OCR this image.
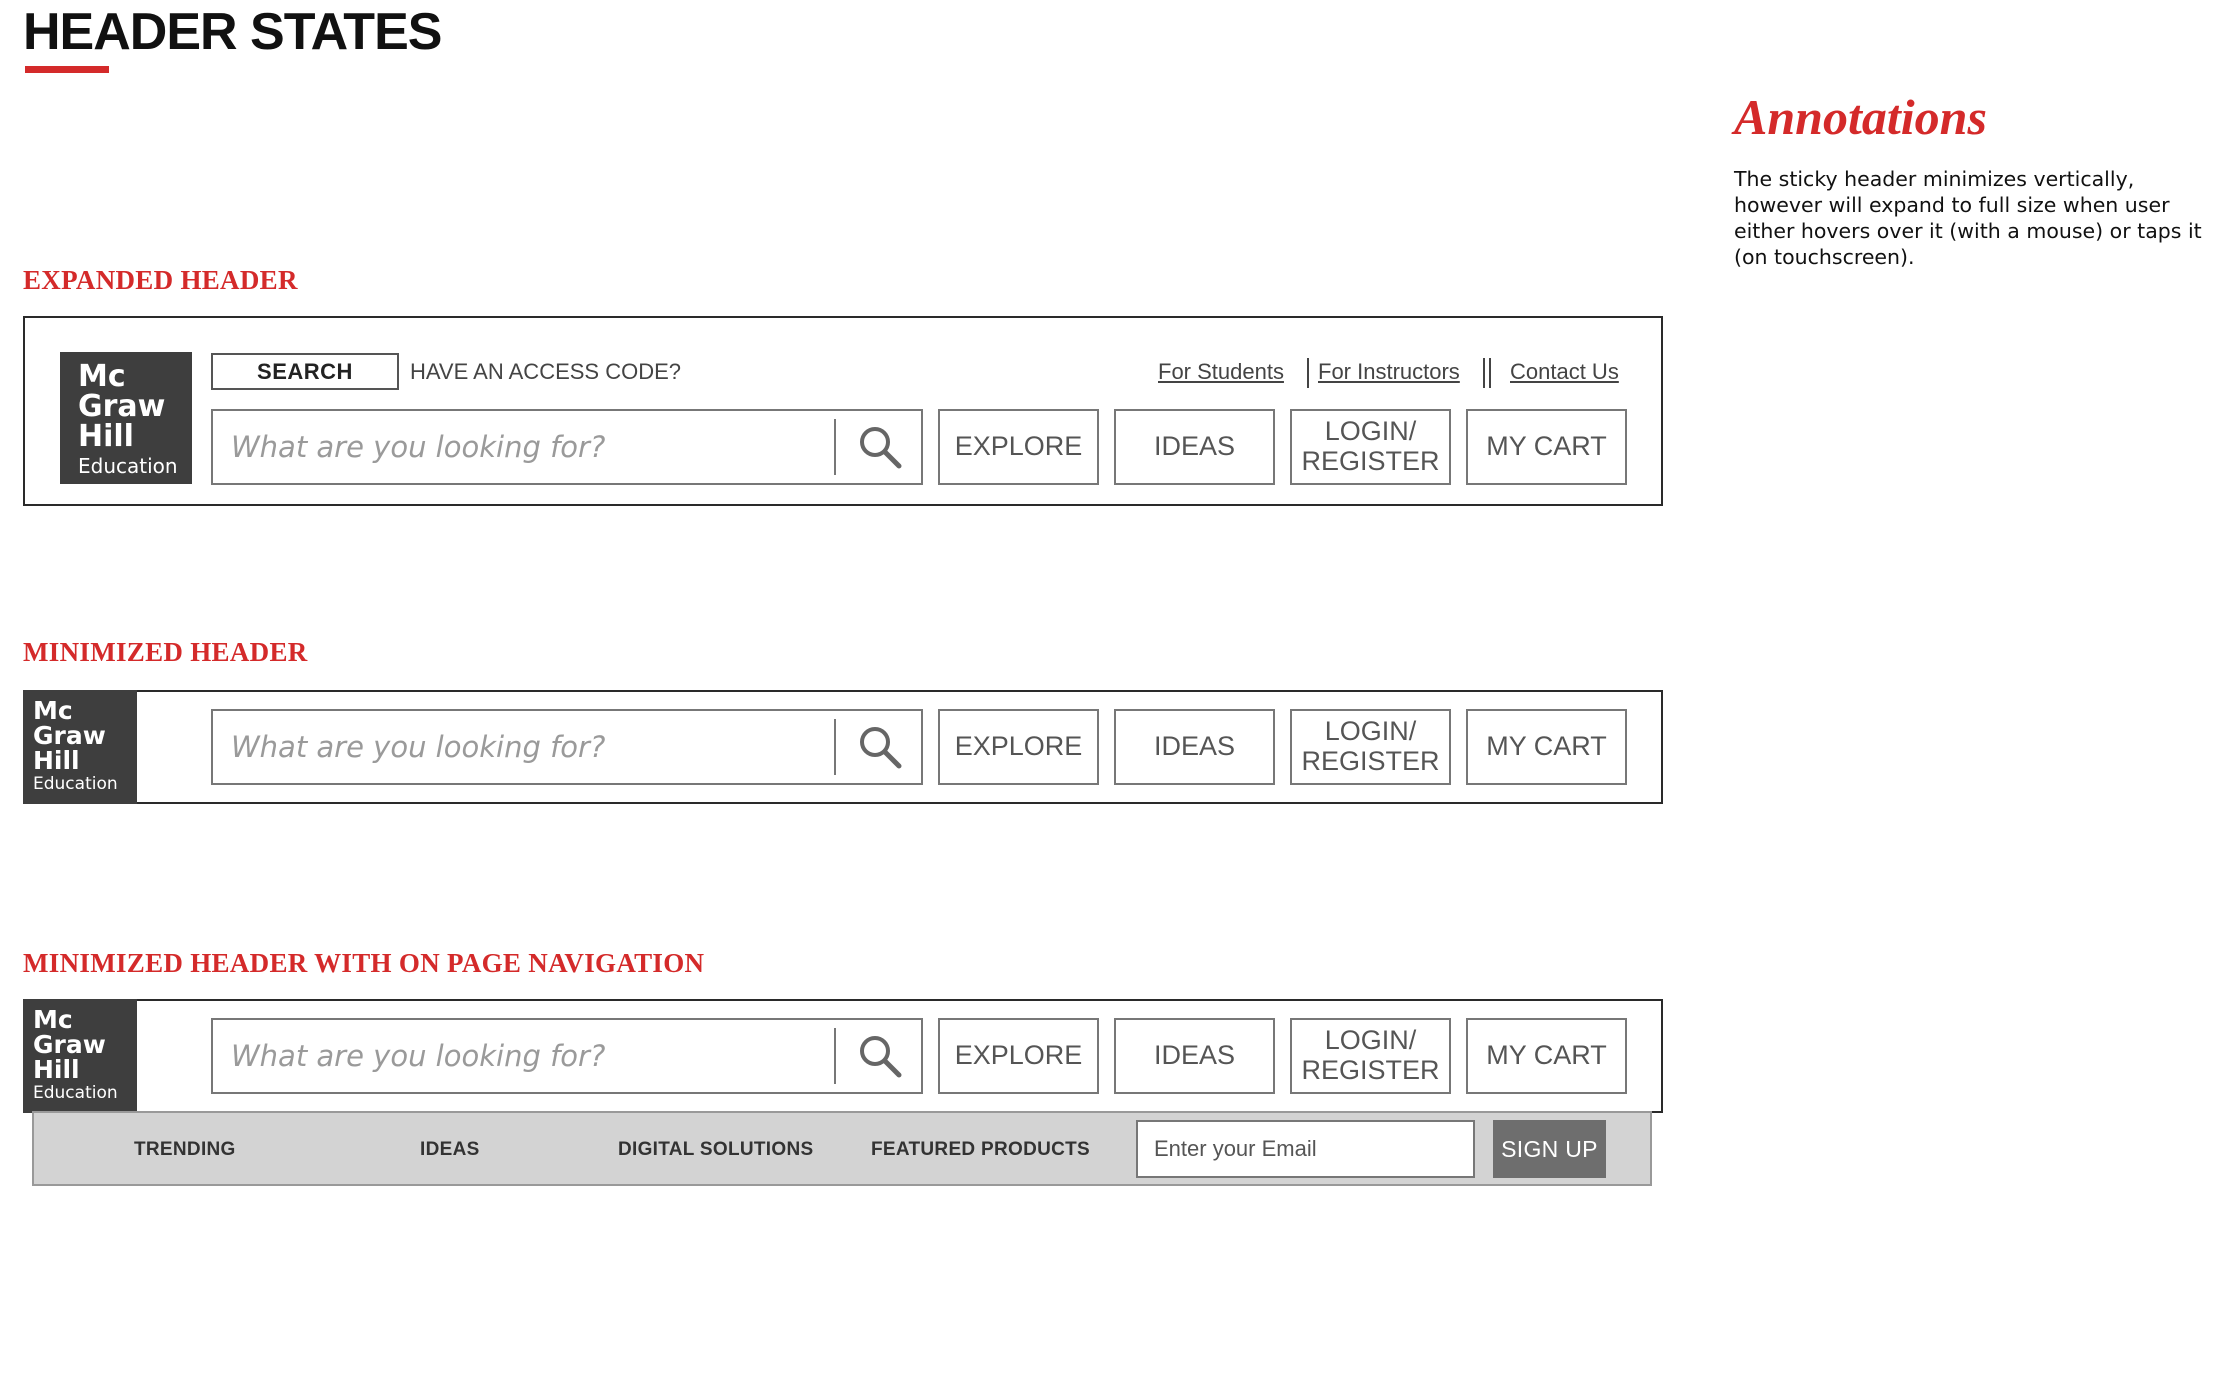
HEADER STATES
EXPANDED HEADER
Mc
Graw
Hill
Education
SEARCH	HAVE AN ACCESS CODE?	For Students For Instructors Contact Us
What are you looking for?	EXPLORE	IDEAS	LOGIN/
REGISTER	MY CART
MINIMIZED HEADER
Mc
Graw
Hill
Education
What are you looking for?	EXPLORE	IDEAS	LOGIN/
REGISTER	MY CART
MINIMIZED HEADER WITH ON PAGE NAVIGATION
Mc
Graw
Hill
Education
What are you looking for?	EXPLORE	IDEAS	LOGIN/
REGISTER	MY CART
TRENDING	IDEAS	DIGITAL SOLUTIONS	FEATURED PRODUCTS	Enter your Email	SIGN UP
Annotations

The sticky header minimizes vertically, however will expand to full size when user either hovers over it (with a mouse) or taps it (on touchscreen).
